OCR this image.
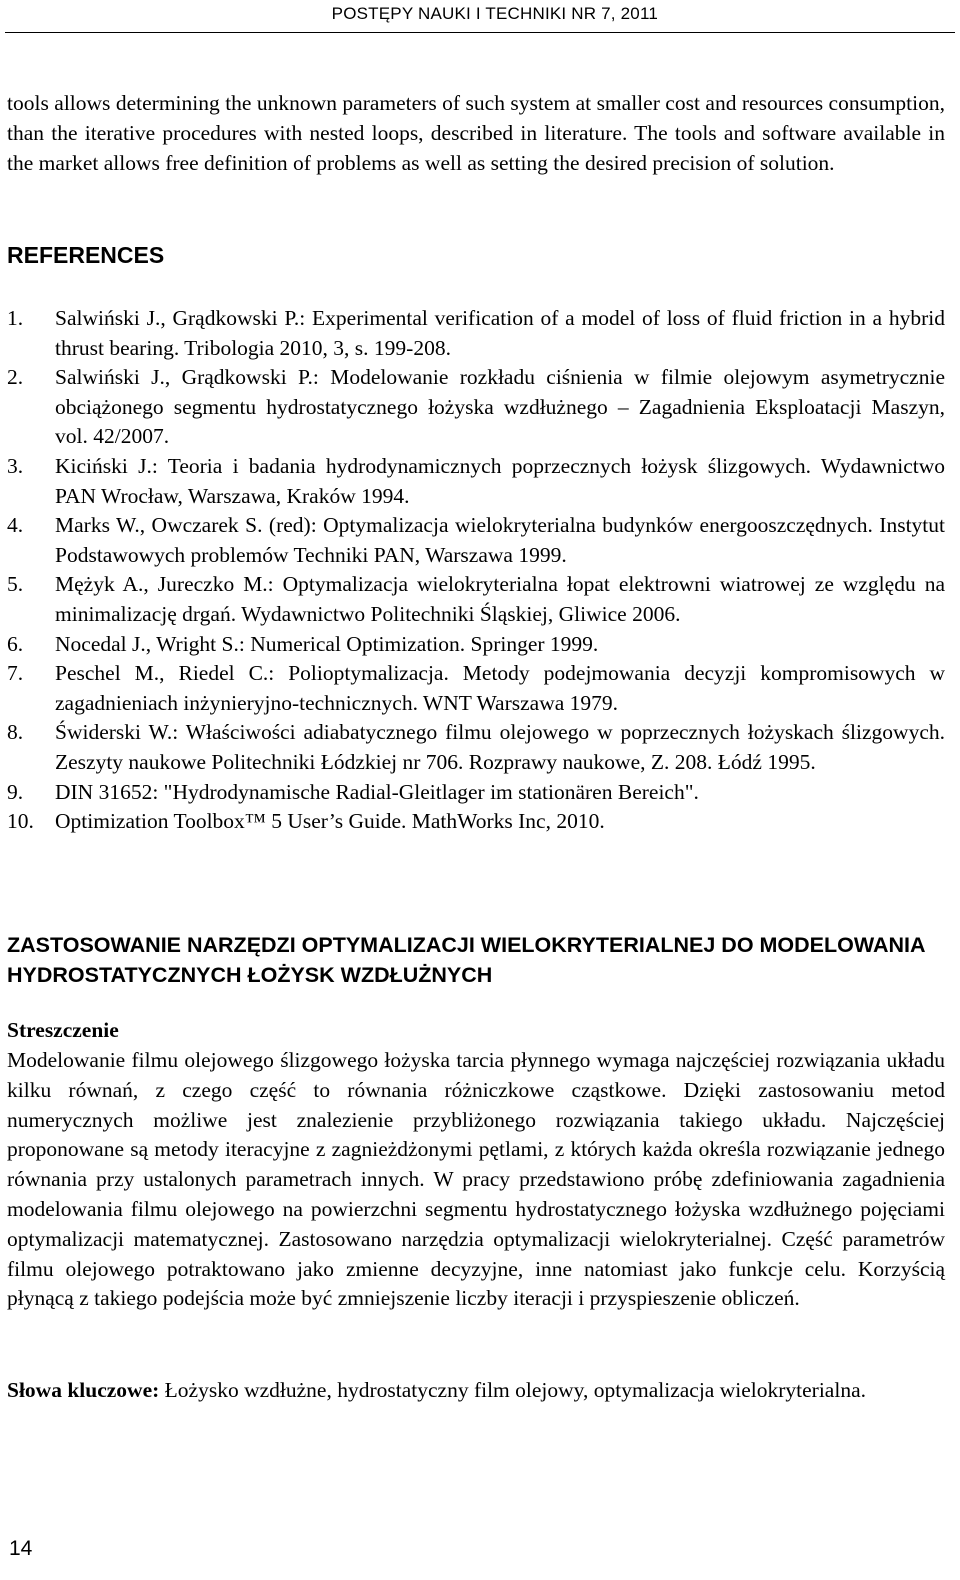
POSTĘPY NAUKI I TECHNIKI NR 7, 2011

tools allows determining the unknown parameters of such system at smaller cost and resources consumption, than the iterative procedures with nested loops, described in literature. The tools and software available in the market allows free definition of problems as well as setting the desired precision of solution.

REFERENCES
1.	Salwiński J., Grądkowski P.: Experimental verification of a model of loss of fluid friction in a hybrid thrust bearing. Tribologia 2010, 3, s. 199-208.
2.	Salwiński J., Grądkowski P.: Modelowanie rozkładu ciśnienia w filmie olejowym asymetrycznie obciążonego segmentu hydrostatycznego łożyska wzdłużnego – Zagadnienia Eksploatacji Maszyn, vol. 42/2007.
3.	Kiciński J.: Teoria i badania hydrodynamicznych poprzecznych łożysk ślizgowych. Wydawnictwo PAN Wrocław, Warszawa, Kraków 1994.
4.	Marks W., Owczarek S. (red): Optymalizacja wielokryterialna budynków energooszczędnych. Instytut Podstawowych problemów Techniki PAN, Warszawa 1999.
5.	Mężyk A., Jureczko M.: Optymalizacja wielokryterialna łopat elektrowni wiatrowej ze względu na minimalizację drgań. Wydawnictwo Politechniki Śląskiej, Gliwice 2006.
6.	Nocedal J., Wright S.: Numerical Optimization. Springer 1999.
7.	Peschel M., Riedel C.: Polioptymalizacja. Metody podejmowania decyzji kompromisowych w zagadnieniach inżynieryjno-technicznych. WNT Warszawa 1979.
8.	Świderski W.: Właściwości adiabatycznego filmu olejowego w poprzecznych łożyskach ślizgowych. Zeszyty naukowe Politechniki Łódzkiej nr 706. Rozprawy naukowe, Z. 208. Łódź 1995.
9.	DIN 31652: "Hydrodynamische Radial-Gleitlager im stationären Bereich".
10. Optimization Toolbox™ 5 User’s Guide. MathWorks Inc, 2010.
ZASTOSOWANIE NARZĘDZI OPTYMALIZACJI WIELOKRYTERIALNEJ DO MODELOWANIA HYDROSTATYCZNYCH ŁOŻYSK WZDŁUŻNYCH
Streszczenie

Modelowanie filmu olejowego ślizgowego łożyska tarcia płynnego wymaga najczęściej rozwiązania układu kilku równań, z czego część to równania różniczkowe cząstkowe. Dzięki zastosowaniu metod numerycznych możliwe jest znalezienie przybliżonego rozwiązania takiego układu. Najczęściej proponowane są metody iteracyjne z zagnieżdżonymi pętlami, z których każda określa rozwiązanie jednego równania przy ustalonych parametrach innych. W pracy przedstawiono próbę zdefiniowania zagadnienia modelowania filmu olejowego na powierzchni segmentu hydrostatycznego łożyska wzdłużnego pojęciami optymalizacji matematycznej. Zastosowano narzędzia optymalizacji wielokryterialnej. Część parametrów filmu olejowego potraktowano jako zmienne decyzyjne, inne natomiast jako funkcje celu. Korzyścią płynącą z takiego podejścia może być zmniejszenie liczby iteracji i przyspieszenie obliczeń.

Słowa kluczowe: Łożysko wzdłużne, hydrostatyczny film olejowy, optymalizacja wielokryterialna.

14
